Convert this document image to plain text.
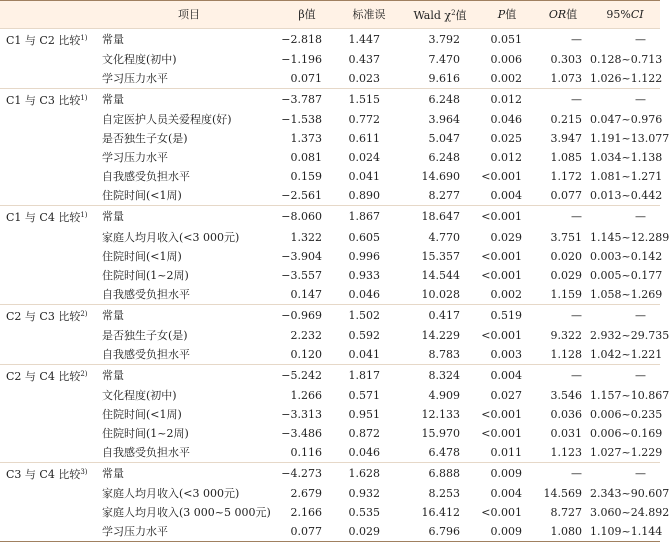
	项目	β值	标准误	Wald $\chi^2$值	P值	OR值	95%CI
C1 与 C2 比较$^{1)}$	常量	−2.818	1.447	3.792	0.051	—	—
	文化程度(初中)	−1.196	0.437	7.470	0.006	0.303	0.128~0.713
	学习压力水平	0.071	0.023	9.616	0.002	1.073	1.026~1.122
C1 与 C3 比较$^{1)}$	常量	−3.787	1.515	6.248	0.012	—	—
	自定医护人员关爱程度(好)	−1.538	0.772	3.964	0.046	0.215	0.047~0.976
	是否独生子女(是)	1.373	0.611	5.047	0.025	3.947	1.191~13.077
	学习压力水平	0.081	0.024	6.248	0.012	1.085	1.034~1.138
	自我感受负担水平	0.159	0.041	14.690	<0.001	1.172	1.081~1.271
	住院时间(<1周)	−2.561	0.890	8.277	0.004	0.077	0.013~0.442
C1 与 C4 比较$^{1)}$	常量	−8.060	1.867	18.647	<0.001	—	—
	家庭人均月收入(<3 000元)	1.322	0.605	4.770	0.029	3.751	1.145~12.289
	住院时间(<1周)	−3.904	0.996	15.357	<0.001	0.020	0.003~0.142
	住院时间(1~2周)	−3.557	0.933	14.544	<0.001	0.029	0.005~0.177
	自我感受负担水平	0.147	0.046	10.028	0.002	1.159	1.058~1.269
C2 与 C3 比较$^{2)}$	常量	−0.969	1.502	0.417	0.519	—	—
	是否独生子女(是)	2.232	0.592	14.229	<0.001	9.322	2.932~29.735
	自我感受负担水平	0.120	0.041	8.783	0.003	1.128	1.042~1.221
C2 与 C4 比较$^{2)}$	常量	−5.242	1.817	8.324	0.004	—	—
	文化程度(初中)	1.266	0.571	4.909	0.027	3.546	1.157~10.867
	住院时间(<1周)	−3.313	0.951	12.133	<0.001	0.036	0.006~0.235
	住院时间(1~2周)	−3.486	0.872	15.970	<0.001	0.031	0.006~0.169
	自我感受负担水平	0.116	0.046	6.478	0.011	1.123	1.027~1.229
C3 与 C4 比较$^{3)}$	常量	−4.273	1.628	6.888	0.009	—	—
	家庭人均月收入(<3 000元)	2.679	0.932	8.253	0.004	14.569	2.343~90.607
	家庭人均月收入(3 000~5 000元)	2.166	0.535	16.412	<0.001	8.727	3.060~24.892
	学习压力水平	0.077	0.029	6.796	0.009	1.080	1.109~1.144
